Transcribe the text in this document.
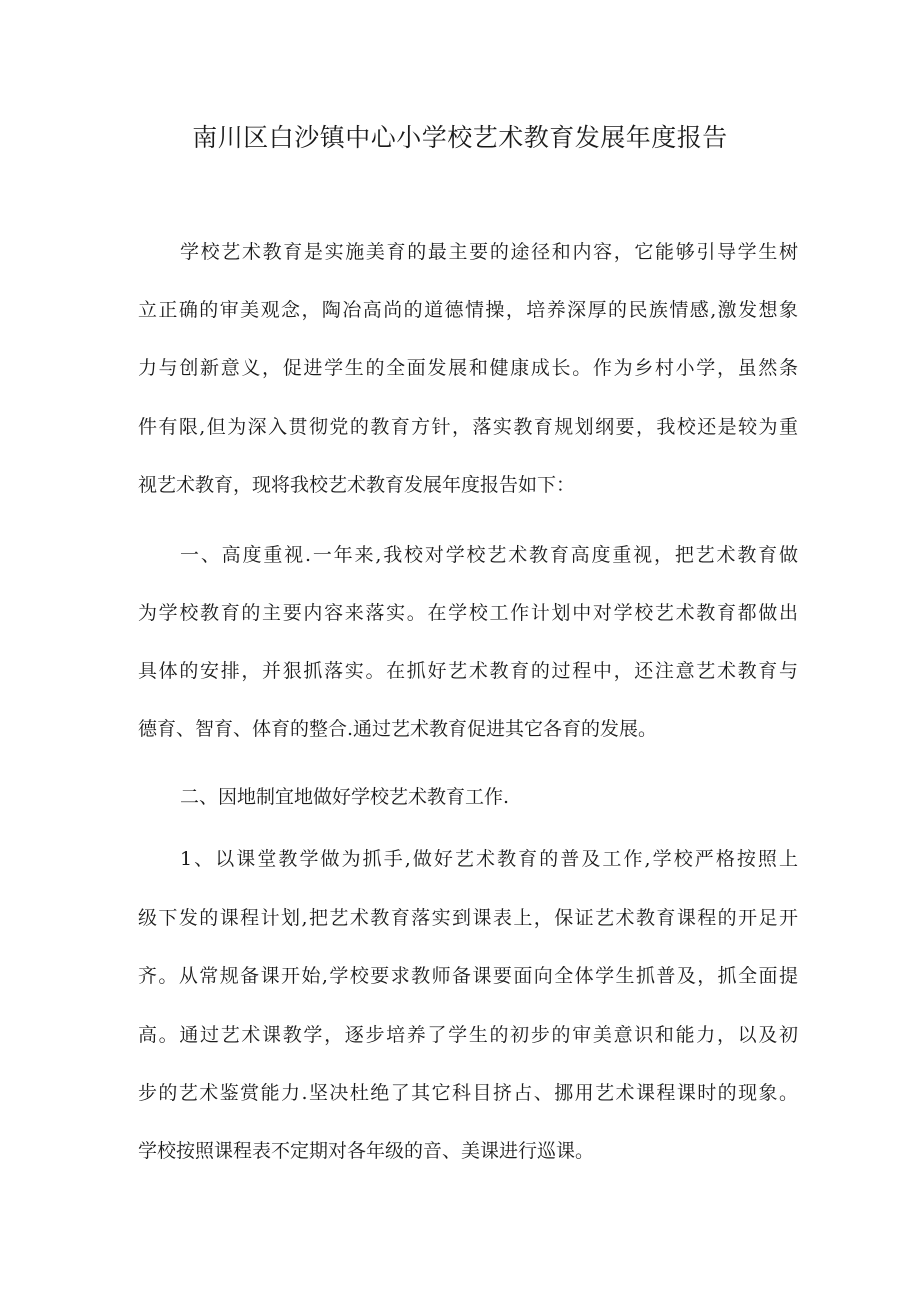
南川区白沙镇中心小学校艺术教育发展年度报告

学校艺术教育是实施美育的最主要的途径和内容，它能够引导学生树

立正确的审美观念，陶冶高尚的道德情操，培养深厚的民族情感,激发想象

力与创新意义，促进学生的全面发展和健康成长。作为乡村小学，虽然条

件有限,但为深入贯彻党的教育方针，落实教育规划纲要，我校还是较为重

视艺术教育，现将我校艺术教育发展年度报告如下：

一、高度重视.一年来,我校对学校艺术教育高度重视，把艺术教育做

为学校教育的主要内容来落实。在学校工作计划中对学校艺术教育都做出

具体的安排，并狠抓落实。在抓好艺术教育的过程中，还注意艺术教育与

德育、智育、体育的整合.通过艺术教育促进其它各育的发展。

二、因地制宜地做好学校艺术教育工作.

1、以课堂教学做为抓手,做好艺术教育的普及工作,学校严格按照上

级下发的课程计划,把艺术教育落实到课表上，保证艺术教育课程的开足开

齐。从常规备课开始,学校要求教师备课要面向全体学生抓普及，抓全面提

高。通过艺术课教学，逐步培养了学生的初步的审美意识和能力，以及初

步的艺术鉴赏能力.坚决杜绝了其它科目挤占、挪用艺术课程课时的现象。

学校按照课程表不定期对各年级的音、美课进行巡课。
